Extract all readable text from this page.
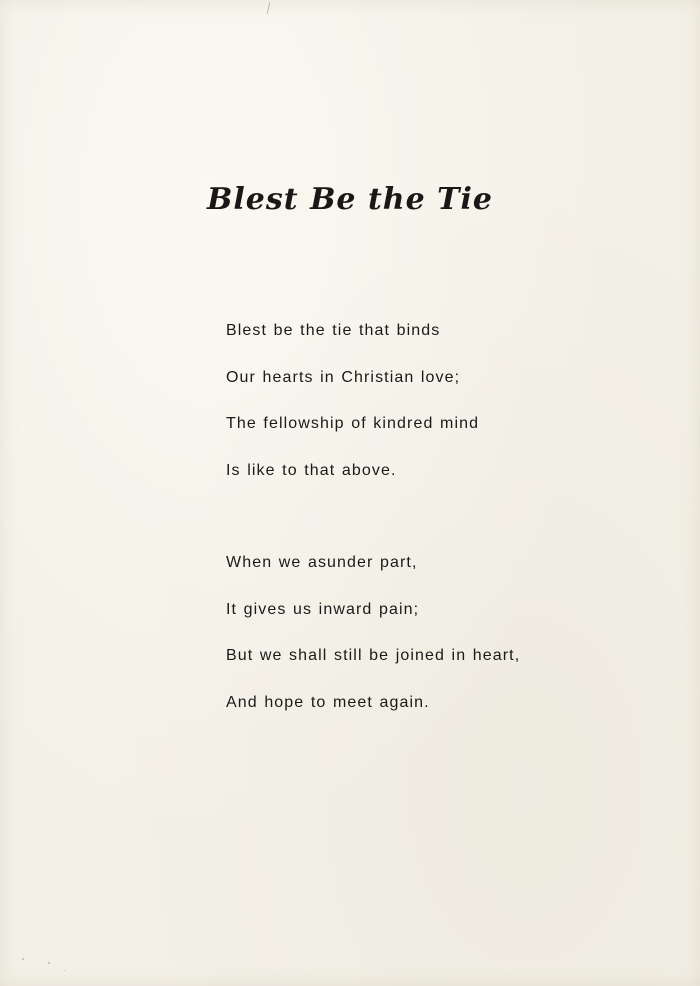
Blest Be the Tie
Blest be the tie that binds
Our hearts in Christian love;
The fellowship of kindred mind
Is like to that above.
When we asunder part,
It gives us inward pain;
But we shall still be joined in heart,
And hope to meet again.
